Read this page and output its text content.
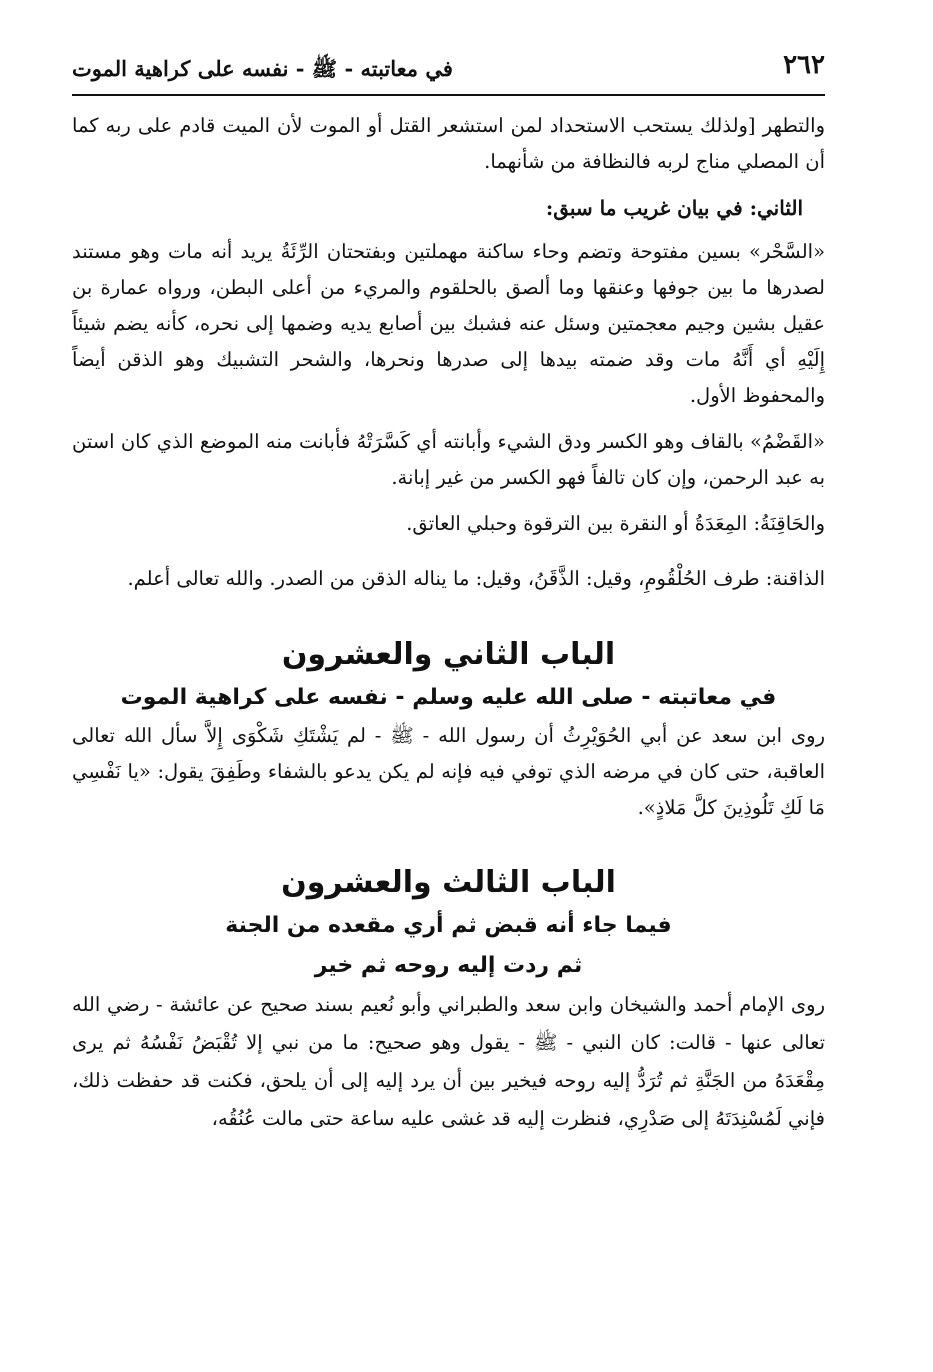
٢٦٢
في معاتبته - ﷺ - نفسه على كراهية الموت

والتطهر [ولذلك يستحب الاستحداد لمن استشعر القتل أو الموت لأن الميت قادم على ربه كما أن المصلي مناج لربه فالنظافة من شأنهما.

الثاني: في بيان غريب ما سبق:

«السَّحْر» بسين مفتوحة وتضم وحاء ساكنة مهملتين وبفتحتان الرِّئَةُ يريد أنه مات وهو مستند لصدرها ما بين جوفها وعنقها وما ألصق بالحلقوم والمريء من أعلى البطن، ورواه عمارة بن عقيل بشين وجيم معجمتين وسئل عنه فشبك بين أصابع يديه وضمها إلى نحره، كأنه يضم شيئاً إِلَيْهِ أي أَنَّهُ مات وقد ضمته بيدها إلى صدرها ونحرها، والشحر التشبيك وهو الذقن أيضاً والمحفوظ الأول.

«القَضْمُ» بالقاف وهو الكسر ودق الشيء وأبانته أي كَسَّرَتْهُ فأبانت منه الموضع الذي كان استن به عبد الرحمن، وإن كان تالفاً فهو الكسر من غير إبانة.

والحَاقِنَةُ: المِعَدَةُ أو النقرة بين الترقوة وحبلي العاتق.

الذاقنة: طرف الحُلْقُومِ، وقيل: الذَّقَنُ، وقيل: ما يناله الذقن من الصدر. والله تعالى أعلم.

الباب الثاني والعشرون
في معاتبته - صلى الله عليه وسلم - نفسه على كراهية الموت

روى ابن سعد عن أبي الحُوَيْرِثُ أن رسول الله - ﷺ - لم يَشْتَكِ شَكْوَى إِلاَّ سأل الله تعالى العاقبة، حتى كان في مرضه الذي توفي فيه فإنه لم يكن يدعو بالشفاء وطَفِقَ يقول: «يا نَفْسِي مَا لَكِ تَلُوذِينَ كلَّ مَلاذٍ».

الباب الثالث والعشرون
فيما جاء أنه قبض ثم أري مقعده من الجنة
ثم ردت إليه روحه ثم خير

روى الإمام أحمد والشيخان وابن سعد والطبراني وأبو نُعيم بسند صحيح عن عائشة - رضي الله تعالى عنها - قالت: كان النبي - ﷺ - يقول وهو صحيح: ما من نبي إلا تُقْبَضُ نَفْسُهُ ثم يرى مِقْعَدَهُ من الجَنَّةِ ثم تُرَدُّ إليه روحه فيخير بين أن يرد إليه إلى أن يلحق، فكنت قد حفظت ذلك، فإني لَمُسْنِدَتَهُ إلى صَدْرِي، فنظرت إليه قد غشى عليه ساعة حتى مالت عُنُقُه،
